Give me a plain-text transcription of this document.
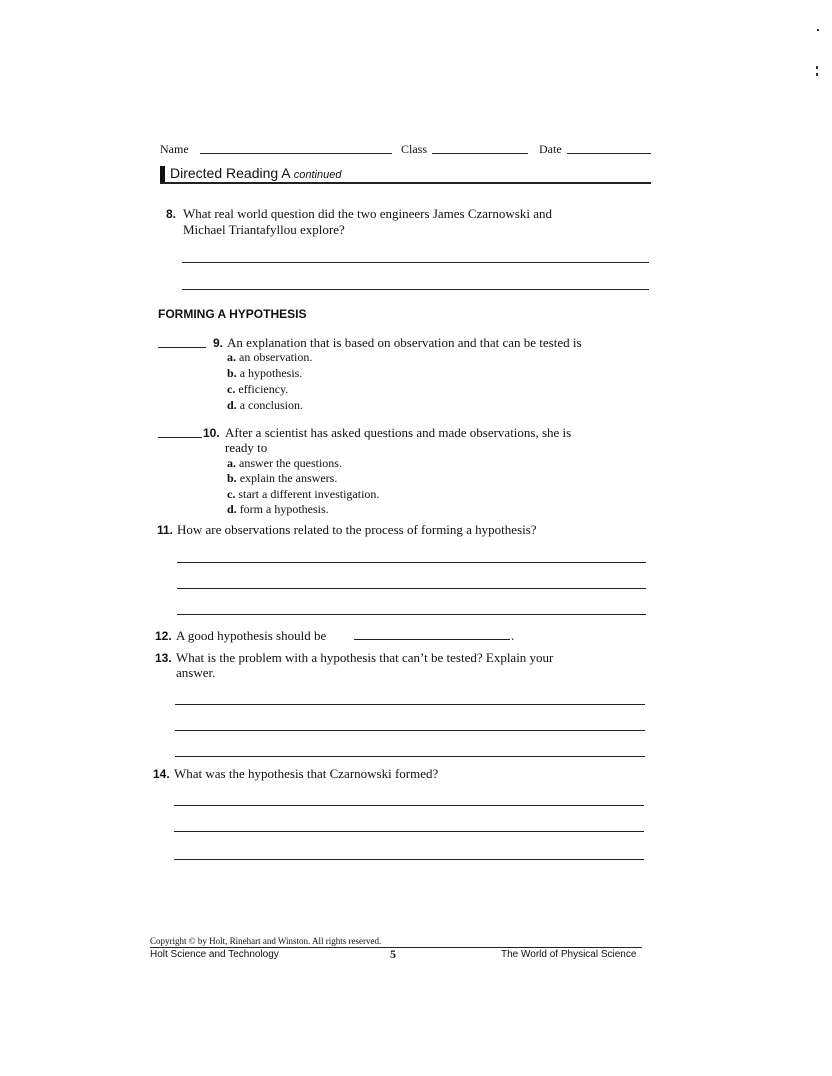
Name	Class	Date
Directed Reading A continued
8. What real world question did the two engineers James Czarnowski and
Michael Triantafyllou explore?
FORMING A HYPOTHESIS
9. An explanation that is based on observation and that can be tested is
a. an observation.
b. a hypothesis.
c. efficiency.
d. a conclusion.
10. After a scientist has asked questions and made observations, she is
ready to
a. answer the questions.
b. explain the answers.
c. start a different investigation.
d. form a hypothesis.
11. How are observations related to the process of forming a hypothesis?
12. A good hypothesis should be	.
13. What is the problem with a hypothesis that can’t be tested? Explain your
answer.
14. What was the hypothesis that Czarnowski formed?
Copyright © by Holt, Rinehart and Winston. All rights reserved.
Holt Science and Technology	5	The World of Physical Science
